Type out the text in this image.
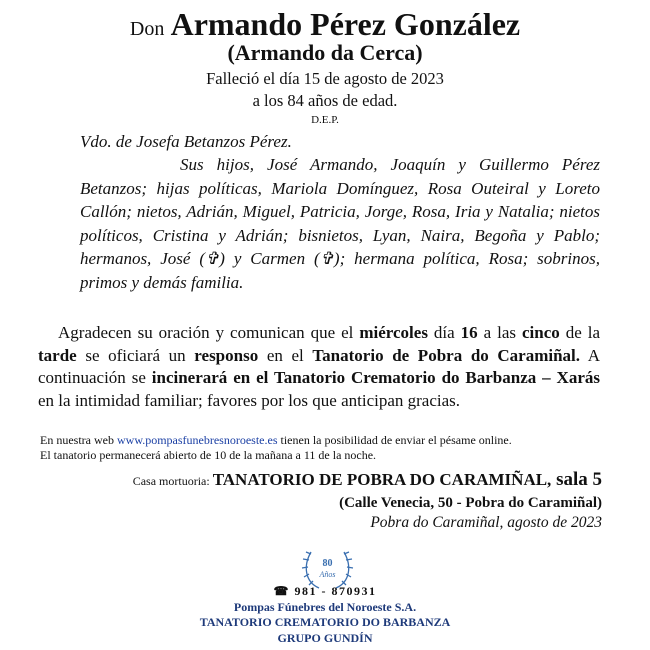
Don Armando Pérez González
(Armando da Cerca)
Falleció el día 15 de agosto de 2023
a los 84 años de edad.
D.E.P.
Vdo. de Josefa Betanzos Pérez.
Sus hijos, José Armando, Joaquín y Guillermo Pérez Betanzos; hijas políticas, Mariola Domínguez, Rosa Outeiral y Loreto Callón; nietos, Adrián, Miguel, Patricia, Jorge, Rosa, Iria y Natalia; nietos políticos, Cristina y Adrián; bisnietos, Lyan, Naira, Begoña y Pablo; hermanos, José (✞) y Carmen (✞); hermana política, Rosa; sobrinos, primos y demás familia.
Agradecen su oración y comunican que el miércoles día 16 a las cinco de la tarde se oficiará un responso en el Tanatorio de Pobra do Caramiñal. A continuación se incinerará en el Tanatorio Crematorio do Barbanza – Xarás en la intimidad familiar; favores por los que anticipan gracias.
En nuestra web www.pompasfunebresnoroeste.es tienen la posibilidad de enviar el pésame online.
El tanatorio permanecerá abierto de 10 de la mañana a 11 de la noche.
Casa mortuoria: TANATORIO DE POBRA DO CARAMIÑAL, sala 5
(Calle Venecia, 50 - Pobra do Caramiñal)
Pobra do Caramiñal, agosto de 2023
80
Años
☎ 981 - 870931
Pompas Fúnebres del Noroeste S.A.
TANATORIO CREMATORIO DO BARBANZA
GRUPO GUNDÍN
